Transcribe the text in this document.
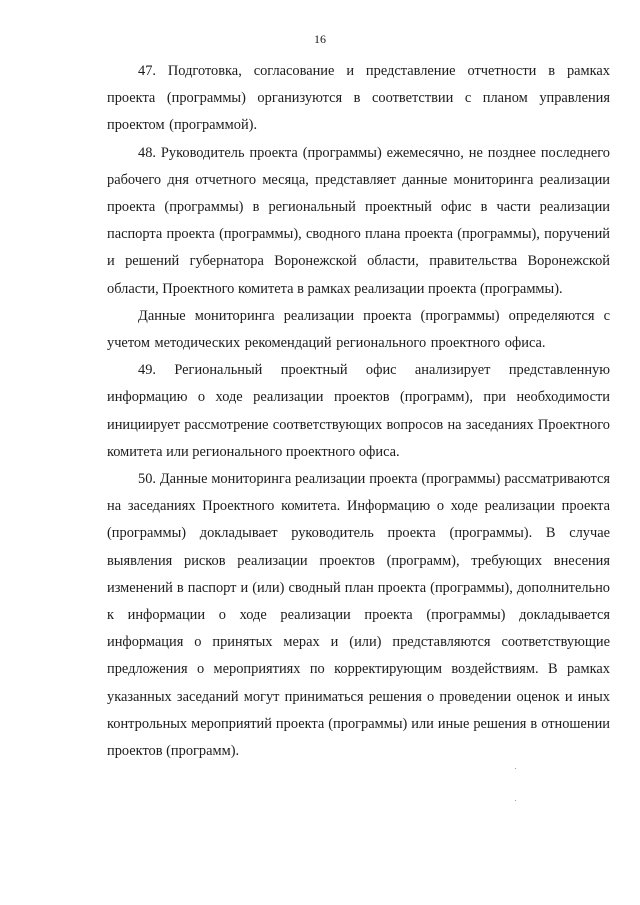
16

47. Подготовка, согласование и представление отчетности в рамках проекта (программы) организуются в соответствии с планом управления проектом (программой).

48. Руководитель проекта (программы) ежемесячно, не позднее последнего рабочего дня отчетного месяца, представляет данные мониторинга реализации проекта (программы) в региональный проектный офис в части реализации паспорта проекта (программы), сводного плана проекта (программы), поручений и решений губернатора Воронежской области, правительства Воронежской области, Проектного комитета в рамках реализации проекта (программы).

Данные мониторинга реализации проекта (программы) определяются с учетом методических рекомендаций регионального проектного офиса.

49. Региональный проектный офис анализирует представленную информацию о ходе реализации проектов (программ), при необходимости инициирует рассмотрение соответствующих вопросов на заседаниях Проектного комитета или регионального проектного офиса.

50. Данные мониторинга реализации проекта (программы) рассматриваются на заседаниях Проектного комитета. Информацию о ходе реализации проекта (программы) докладывает руководитель проекта (программы). В случае выявления рисков реализации проектов (программ), требующих внесения изменений в паспорт и (или) сводный план проекта (программы), дополнительно к информации о ходе реализации проекта (программы) докладывается информация о принятых мерах и (или) представляются соответствующие предложения о мероприятиях по корректирующим воздействиям. В рамках указанных заседаний могут приниматься решения о проведении оценок и иных контрольных мероприятий проекта (программы) или иные решения в отношении проектов (программ).
